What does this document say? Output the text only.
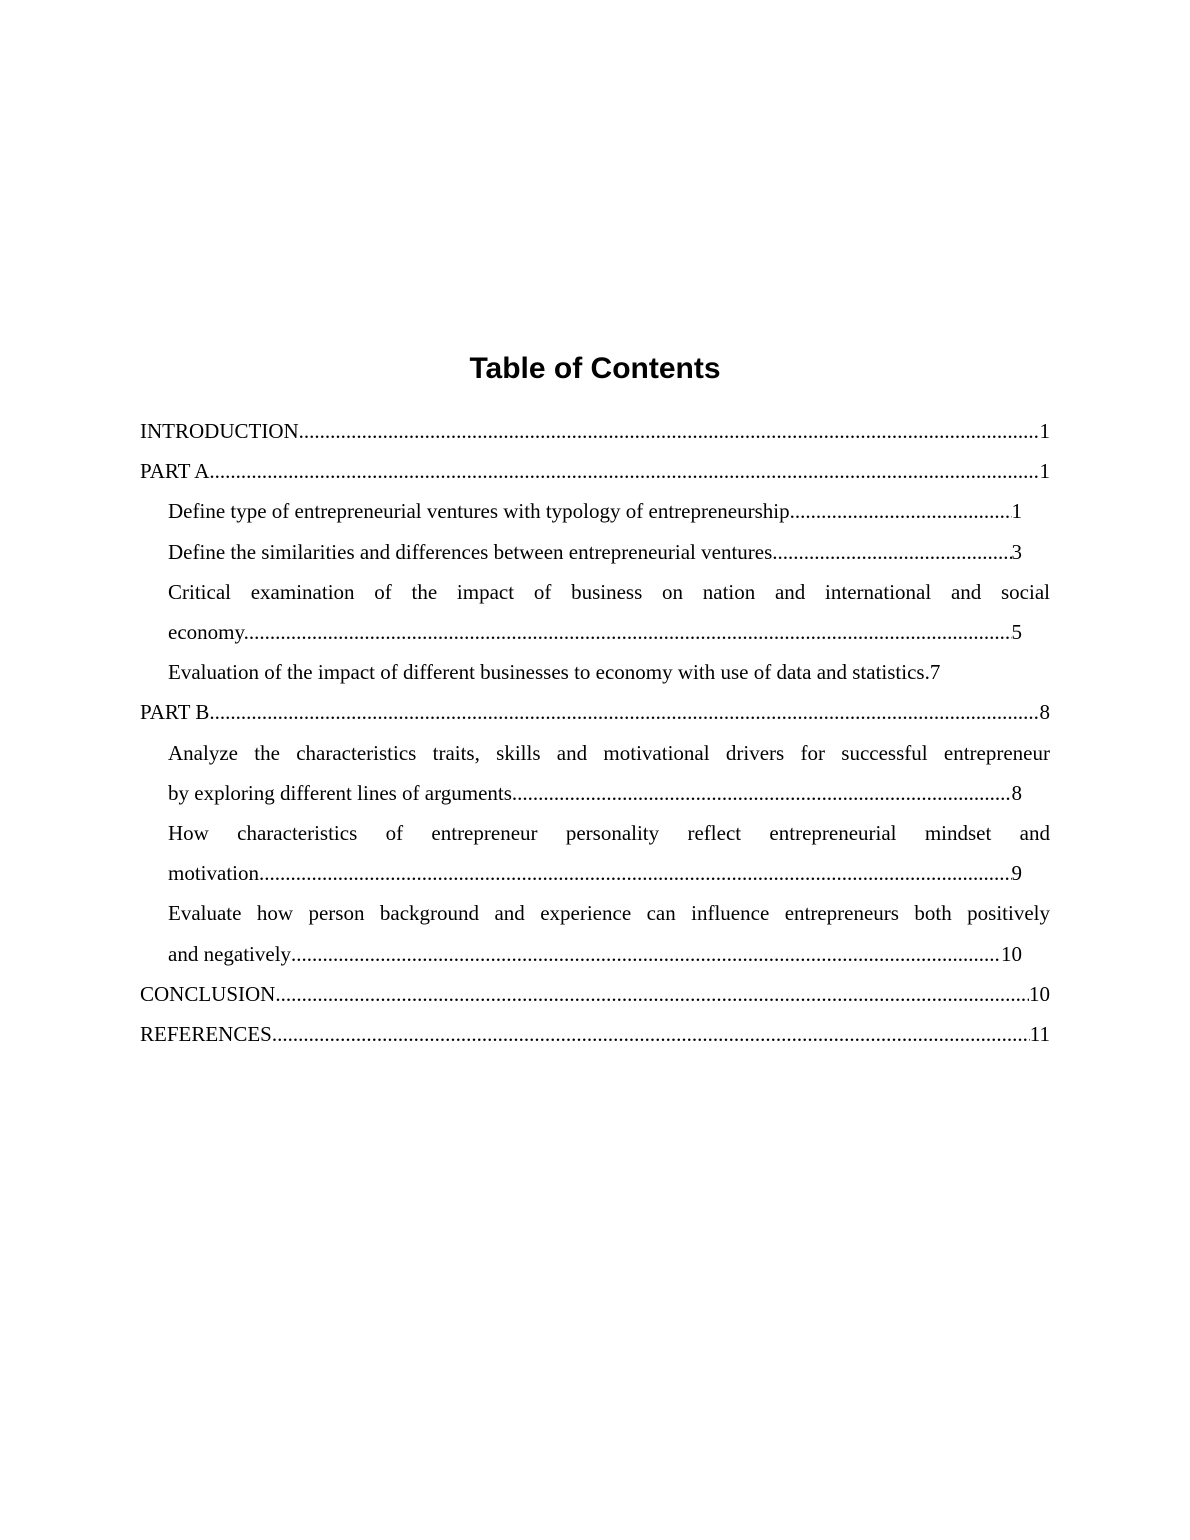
Table of Contents
INTRODUCTION .....	1
PART A .....	1
Define type of entrepreneurial ventures with typology of entrepreneurship .....	1
Define the similarities and differences between entrepreneurial ventures .....	3
Critical examination of the impact of business on nation and international and social
economy. .....	5
Evaluation of the impact of different businesses to economy with use of data and statistics. 7
PART B .....	8
Analyze the characteristics traits, skills and motivational drivers for successful entrepreneur
by exploring different lines of arguments .....	8
How characteristics of entrepreneur personality reflect entrepreneurial mindset and
motivation .....	9
Evaluate how person background and experience can influence entrepreneurs both positively
and negatively .....	10
CONCLUSION .....	10
REFERENCES .....	11
